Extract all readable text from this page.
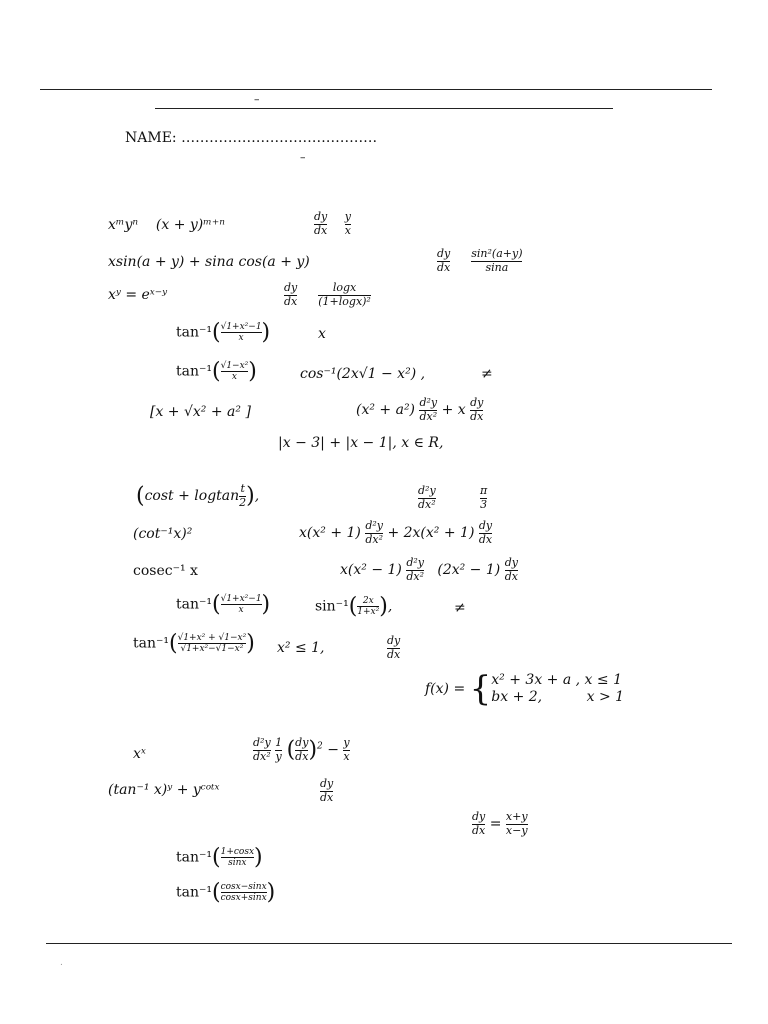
–
NAME: ……………………………………
–
xᵐyⁿ (x + y)ᵐ⁺ⁿ	$\frac{dy}{dx}$
$\frac{y}{x}$
xsin(a + y) + sina cos(a + y)	$\frac{dy}{dx}$
$\frac{\text{sin²(a+y)}}{\sin a}$
xʸ = eˣ⁻ʸ	$\frac{dy}{dx}$
$\frac{\log x}{\text{(1+logx)²}}$
$\tan^{-1}( \frac{\text{√1+x²−1}}{x}$ )	x
$\tan^{-1}( \frac{\text{√1−x²}}{x}$ )	cos⁻¹(2x√1 − x²) ,	≠
[x + √x² + a² ]	$(x^2 + a^2) \frac{\text{d²y}}{\text{dx²}} + x \frac{dy}{dx}$
|x − 3| + |x − 1|, x ∈ R,
(cost + logtan $\frac{t}{2}$ ),	$\frac{\text{d²y}}{\text{dx²}}$	$\frac{\pi}{3}$
(cot⁻¹x)²	$x(x^2 + 1) \frac{\text{d²y}}{\text{dx²}} + 2x(x^2 + 1) \frac{dy}{dx}$
cosec⁻¹ x	$x(x^2 - 1) \frac{\text{d²y}}{\text{dx²}} (2x^2 - 1) \frac{dy}{dx}$
$\tan^{-1}( \frac{\text{√1+x²−1}}{x}$ )	$\sin^{-1}( \frac{2x}{\text{1+x²}}$ ),	≠
$\tan^{-1}( \frac{\text{√1+x² + √1−x²}}{\text{√1+x²−√1−x²}}$ ) x² ≤ 1,	$\frac{dy}{dx}$
f(x) = { x² + 3x + a , x ≤ 1
bx + 2,          x > 1
xˣ	$\frac{\text{d²y}}{\text{dx²}}$
$\frac{1}{y}$ ( $\frac{dy}{dx} )^2 - \frac{y}{x}$
(tan⁻¹ x)ʸ + yᶜᵒᵗˣ	$\frac{dy}{dx}$
$\frac{dy}{dx} = \frac{x+y}{x-y}$
$\tan^{-1}( \frac{1+\cos x}{\sin x}$ )
$\tan^{-1}( \frac{\cos x-\sin x}{\cos x+\sin x}$ )
.
